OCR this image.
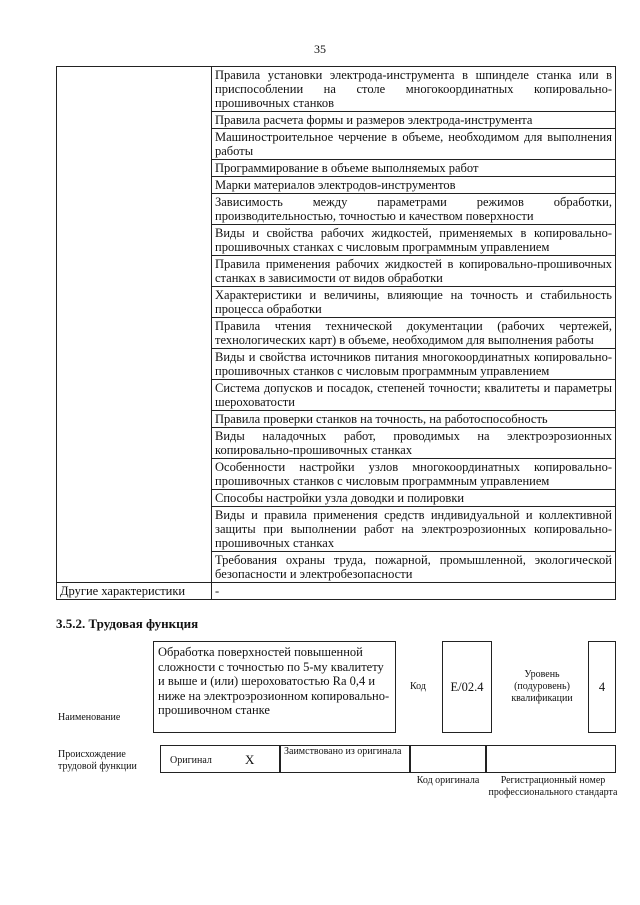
35
	Правила установки электрода-инструмента в шпинделе станка или в приспособлении на столе многокоординатных копировально-прошивочных станков
	Правила расчета формы и размеров электрода-инструмента
	Машиностроительное черчение в объеме, необходимом для выполнения работы
	Программирование в объеме выполняемых работ
	Марки материалов электродов-инструментов
	Зависимость между параметрами режимов обработки, производительностью, точностью и качеством поверхности
	Виды и свойства рабочих жидкостей, применяемых в копировально-прошивочных станках с числовым программным управлением
	Правила применения рабочих жидкостей в копировально-прошивочных станках в зависимости от видов обработки
	Характеристики и величины, влияющие на точность и стабильность процесса обработки
	Правила чтения технической документации (рабочих чертежей, технологических карт) в объеме, необходимом для выполнения работы
	Виды и свойства источников питания многокоординатных копировально-прошивочных станков с числовым программным управлением
	Система допусков и посадок, степеней точности; квалитеты и параметры шероховатости
	Правила проверки станков на точность, на работоспособность
	Виды наладочных работ, проводимых на электроэрозионных копировально-прошивочных станках
	Особенности настройки узлов многокоординатных копировально-прошивочных станков с числовым программным управлением
	Способы настройки узла доводки и полировки
	Виды и правила применения средств индивидуальной и коллективной защиты при выполнении работ на электроэрозионных копировально-прошивочных станках
	Требования охраны труда, пожарной, промышленной, экологической безопасности и электробезопасности
Другие характеристики	-
3.5.2. Трудовая функция
Наименование
Обработка поверхностей повышенной сложности с точностью по 5-му квалитету и выше и (или) шероховатостью Ra 0,4 и ниже на электроэрозионном копировально-прошивочном станке
Код	E/02.4
Уровень (подуровень) квалификации
4
Происхождение трудовой функции
Оригинал	X
Заимствовано из оригинала
Код оригинала	Регистрационный номер профессионального стандарта
